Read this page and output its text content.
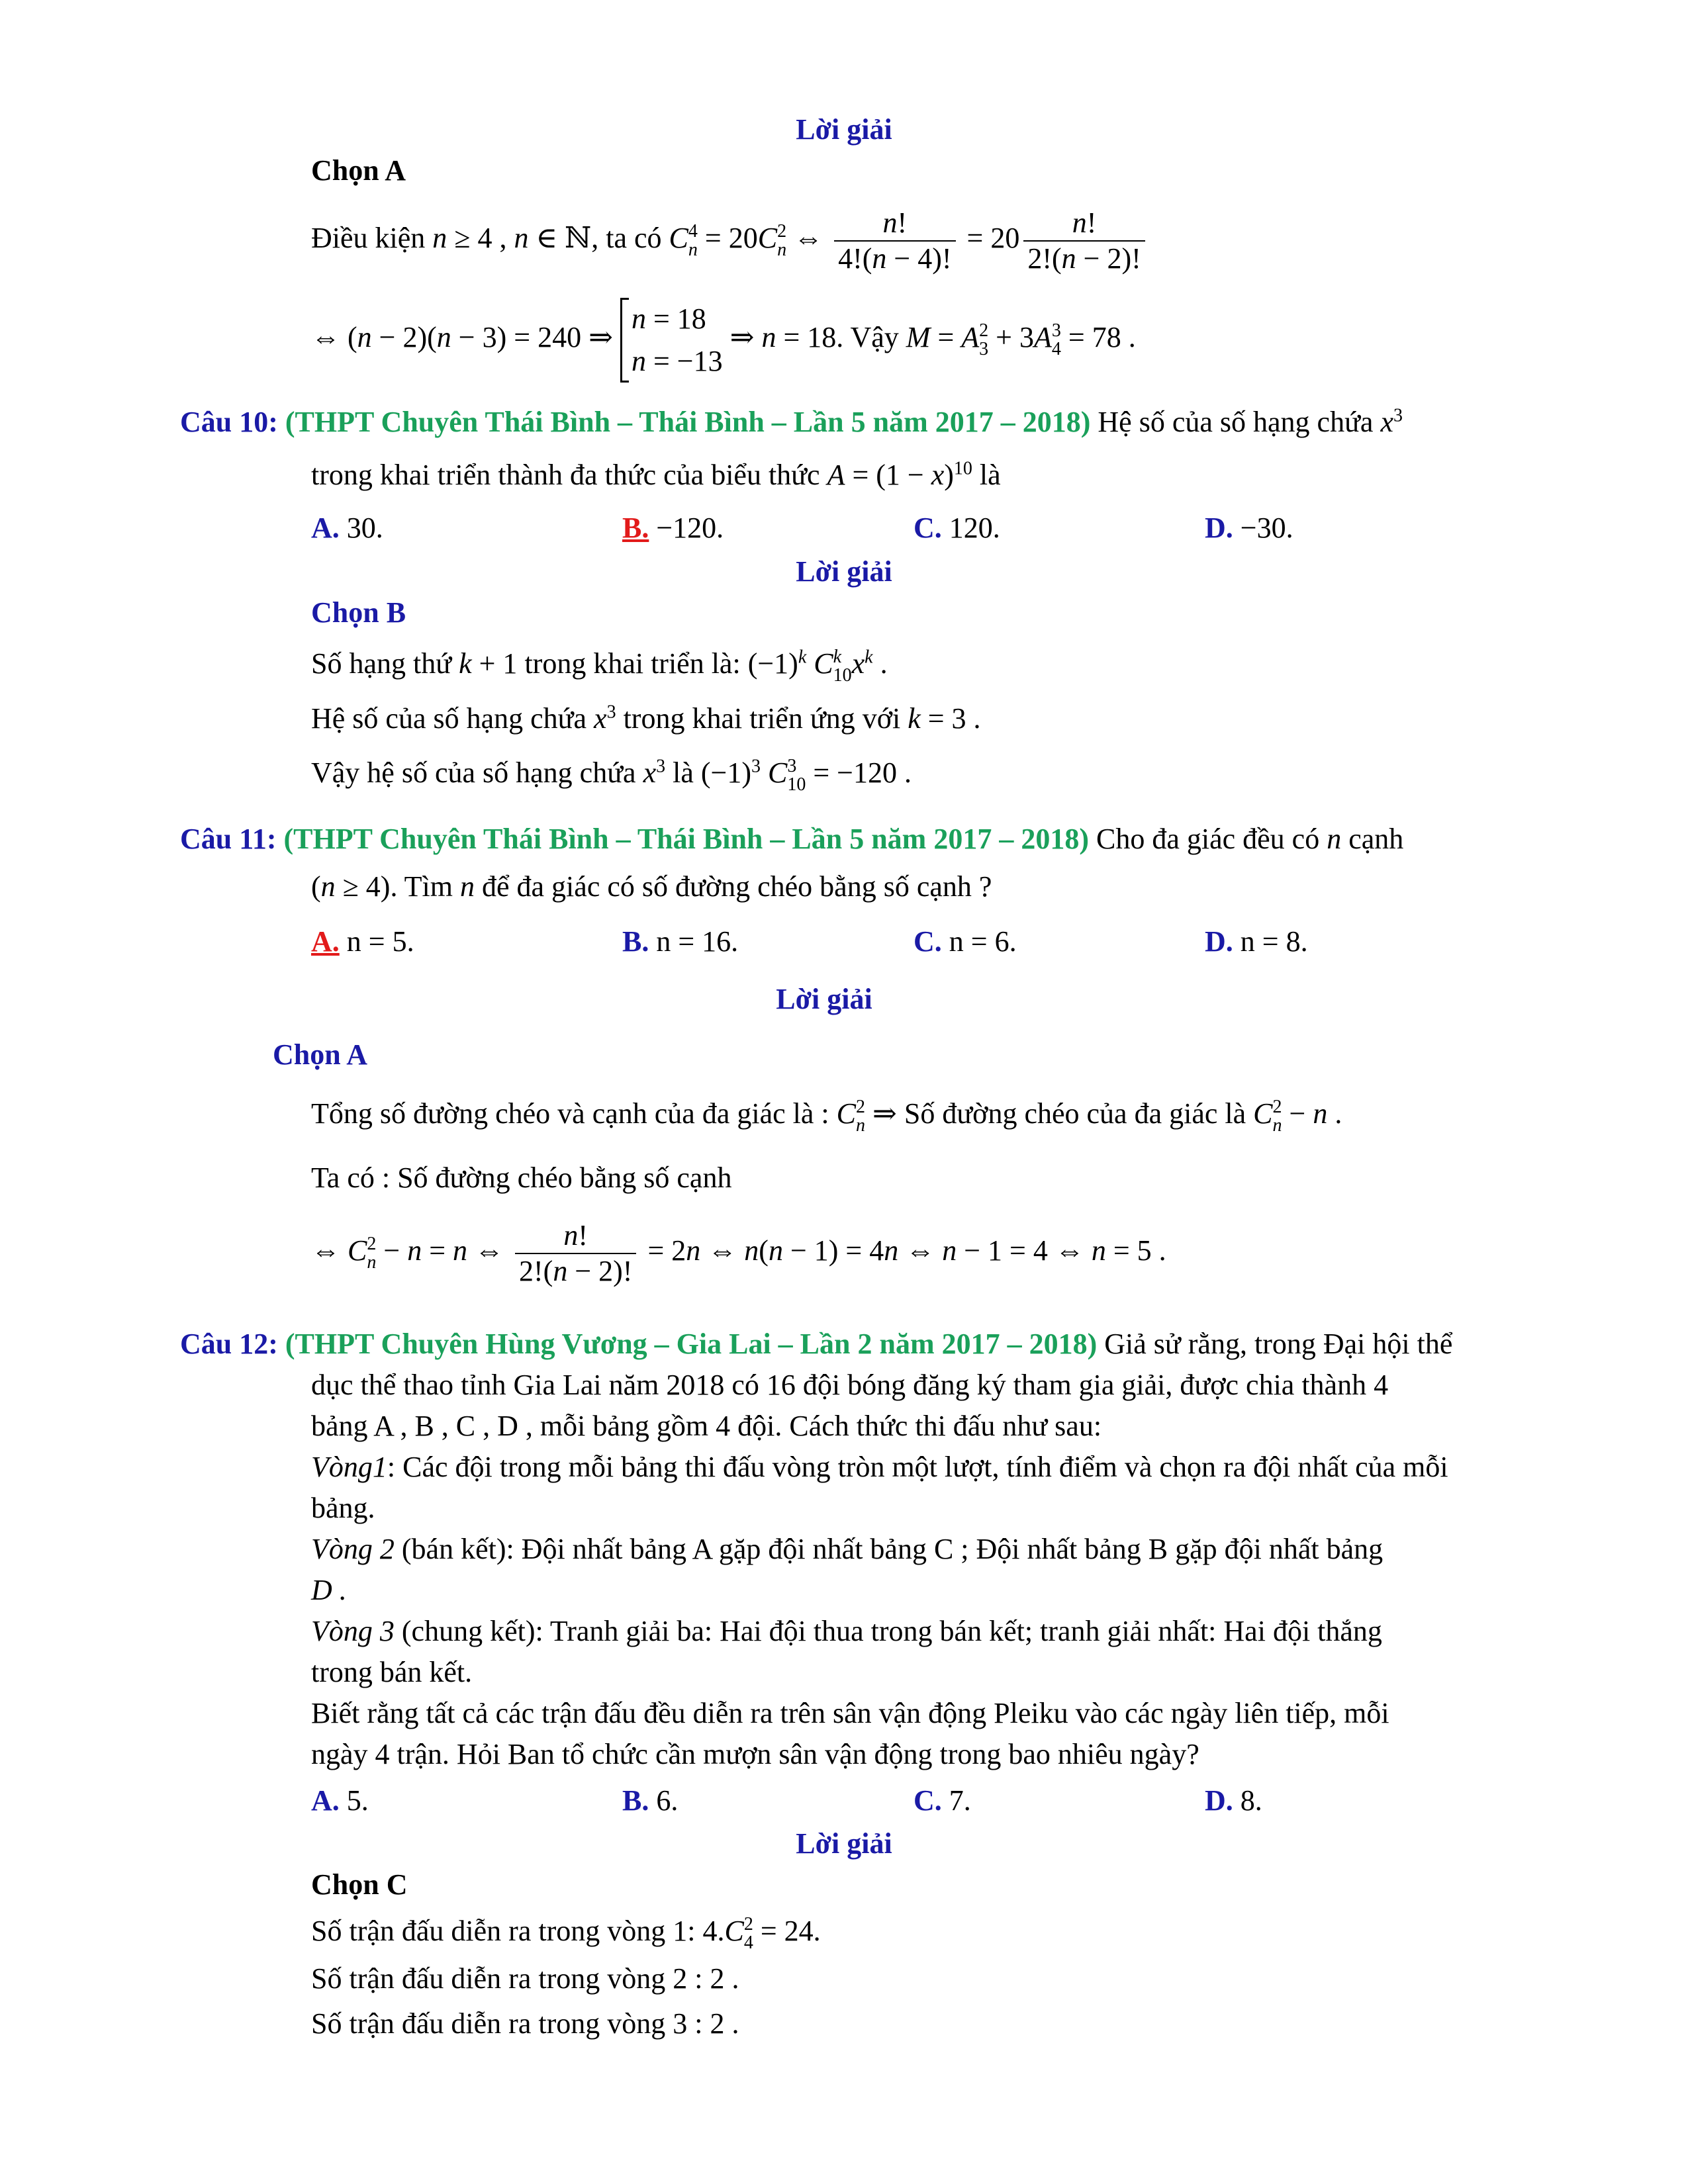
Lời giải
Chọn A
Điều kiện n ≥ 4 , n ∈ ℕ, ta có C 4
n = 20C 2
n ⇔ $\frac{n!}{4!(n - 4)!} = 20 \frac{n!}{2!(n - 2)!}$
⇔ (n − 2)(n − 3) = 240 ⇒
n = 18
n = −13
⇒ n = 18. Vậy M = A 2
3 + 3A 3
4 = 78 .
Câu 10: (THPT Chuyên Thái Bình – Thái Bình – Lần 5 năm 2017 – 2018) Hệ số của số hạng chứa $x^3$
trong khai triển thành đa thức của biểu thức $A = (1 - x)^{10}$ là
A. 30.	B. −120.	C. 120.	D. −30.
Lời giải
Chọn B
Số hạng thứ k + 1 trong khai triển là: $(-1)^k$ C k
10 $x^k$ .
Hệ số của số hạng chứa $x^3$ trong khai triển ứng với k = 3 .
Vậy hệ số của số hạng chứa $x^3$ là $(-1)^3$ C 3
10 = −120 .
Câu 11: (THPT Chuyên Thái Bình – Thái Bình – Lần 5 năm 2017 – 2018) Cho đa giác đều có n cạnh
(n ≥ 4). Tìm n để đa giác có số đường chéo bằng số cạnh ?
A. n = 5.	B. n = 16.	C. n = 6.	D. n = 8.
Lời giải
Chọn A
Tổng số đường chéo và cạnh của đa giác là : C 2
n ⇒ Số đường chéo của đa giác là C 2
n − n .
Ta có : Số đường chéo bằng số cạnh
⇔ C 2
n − n = n ⇔ $\frac{n!}{2!(n - 2)!} = 2n$ ⇔ n(n − 1) = 4n ⇔ n − 1 = 4 ⇔ n = 5 .
Câu 12: (THPT Chuyên Hùng Vương – Gia Lai – Lần 2 năm 2017 – 2018) Giả sử rằng, trong Đại hội thể
dục thể thao tỉnh Gia Lai năm 2018 có 16 đội bóng đăng ký tham gia giải, được chia thành 4
bảng A , B , C , D , mỗi bảng gồm 4 đội. Cách thức thi đấu như sau:
Vòng1: Các đội trong mỗi bảng thi đấu vòng tròn một lượt, tính điểm và chọn ra đội nhất của mỗi
bảng.
Vòng 2 (bán kết): Đội nhất bảng A gặp đội nhất bảng C ; Đội nhất bảng B gặp đội nhất bảng
D .
Vòng 3 (chung kết): Tranh giải ba: Hai đội thua trong bán kết; tranh giải nhất: Hai đội thắng
trong bán kết.
Biết rằng tất cả các trận đấu đều diễn ra trên sân vận động Pleiku vào các ngày liên tiếp, mỗi
ngày 4 trận. Hỏi Ban tổ chức cần mượn sân vận động trong bao nhiêu ngày?
A. 5.	B. 6.	C. 7.	D. 8.
Lời giải
Chọn C
Số trận đấu diễn ra trong vòng 1: 4.C 2
4 = 24.
Số trận đấu diễn ra trong vòng 2 : 2 .
Số trận đấu diễn ra trong vòng 3 : 2 .
